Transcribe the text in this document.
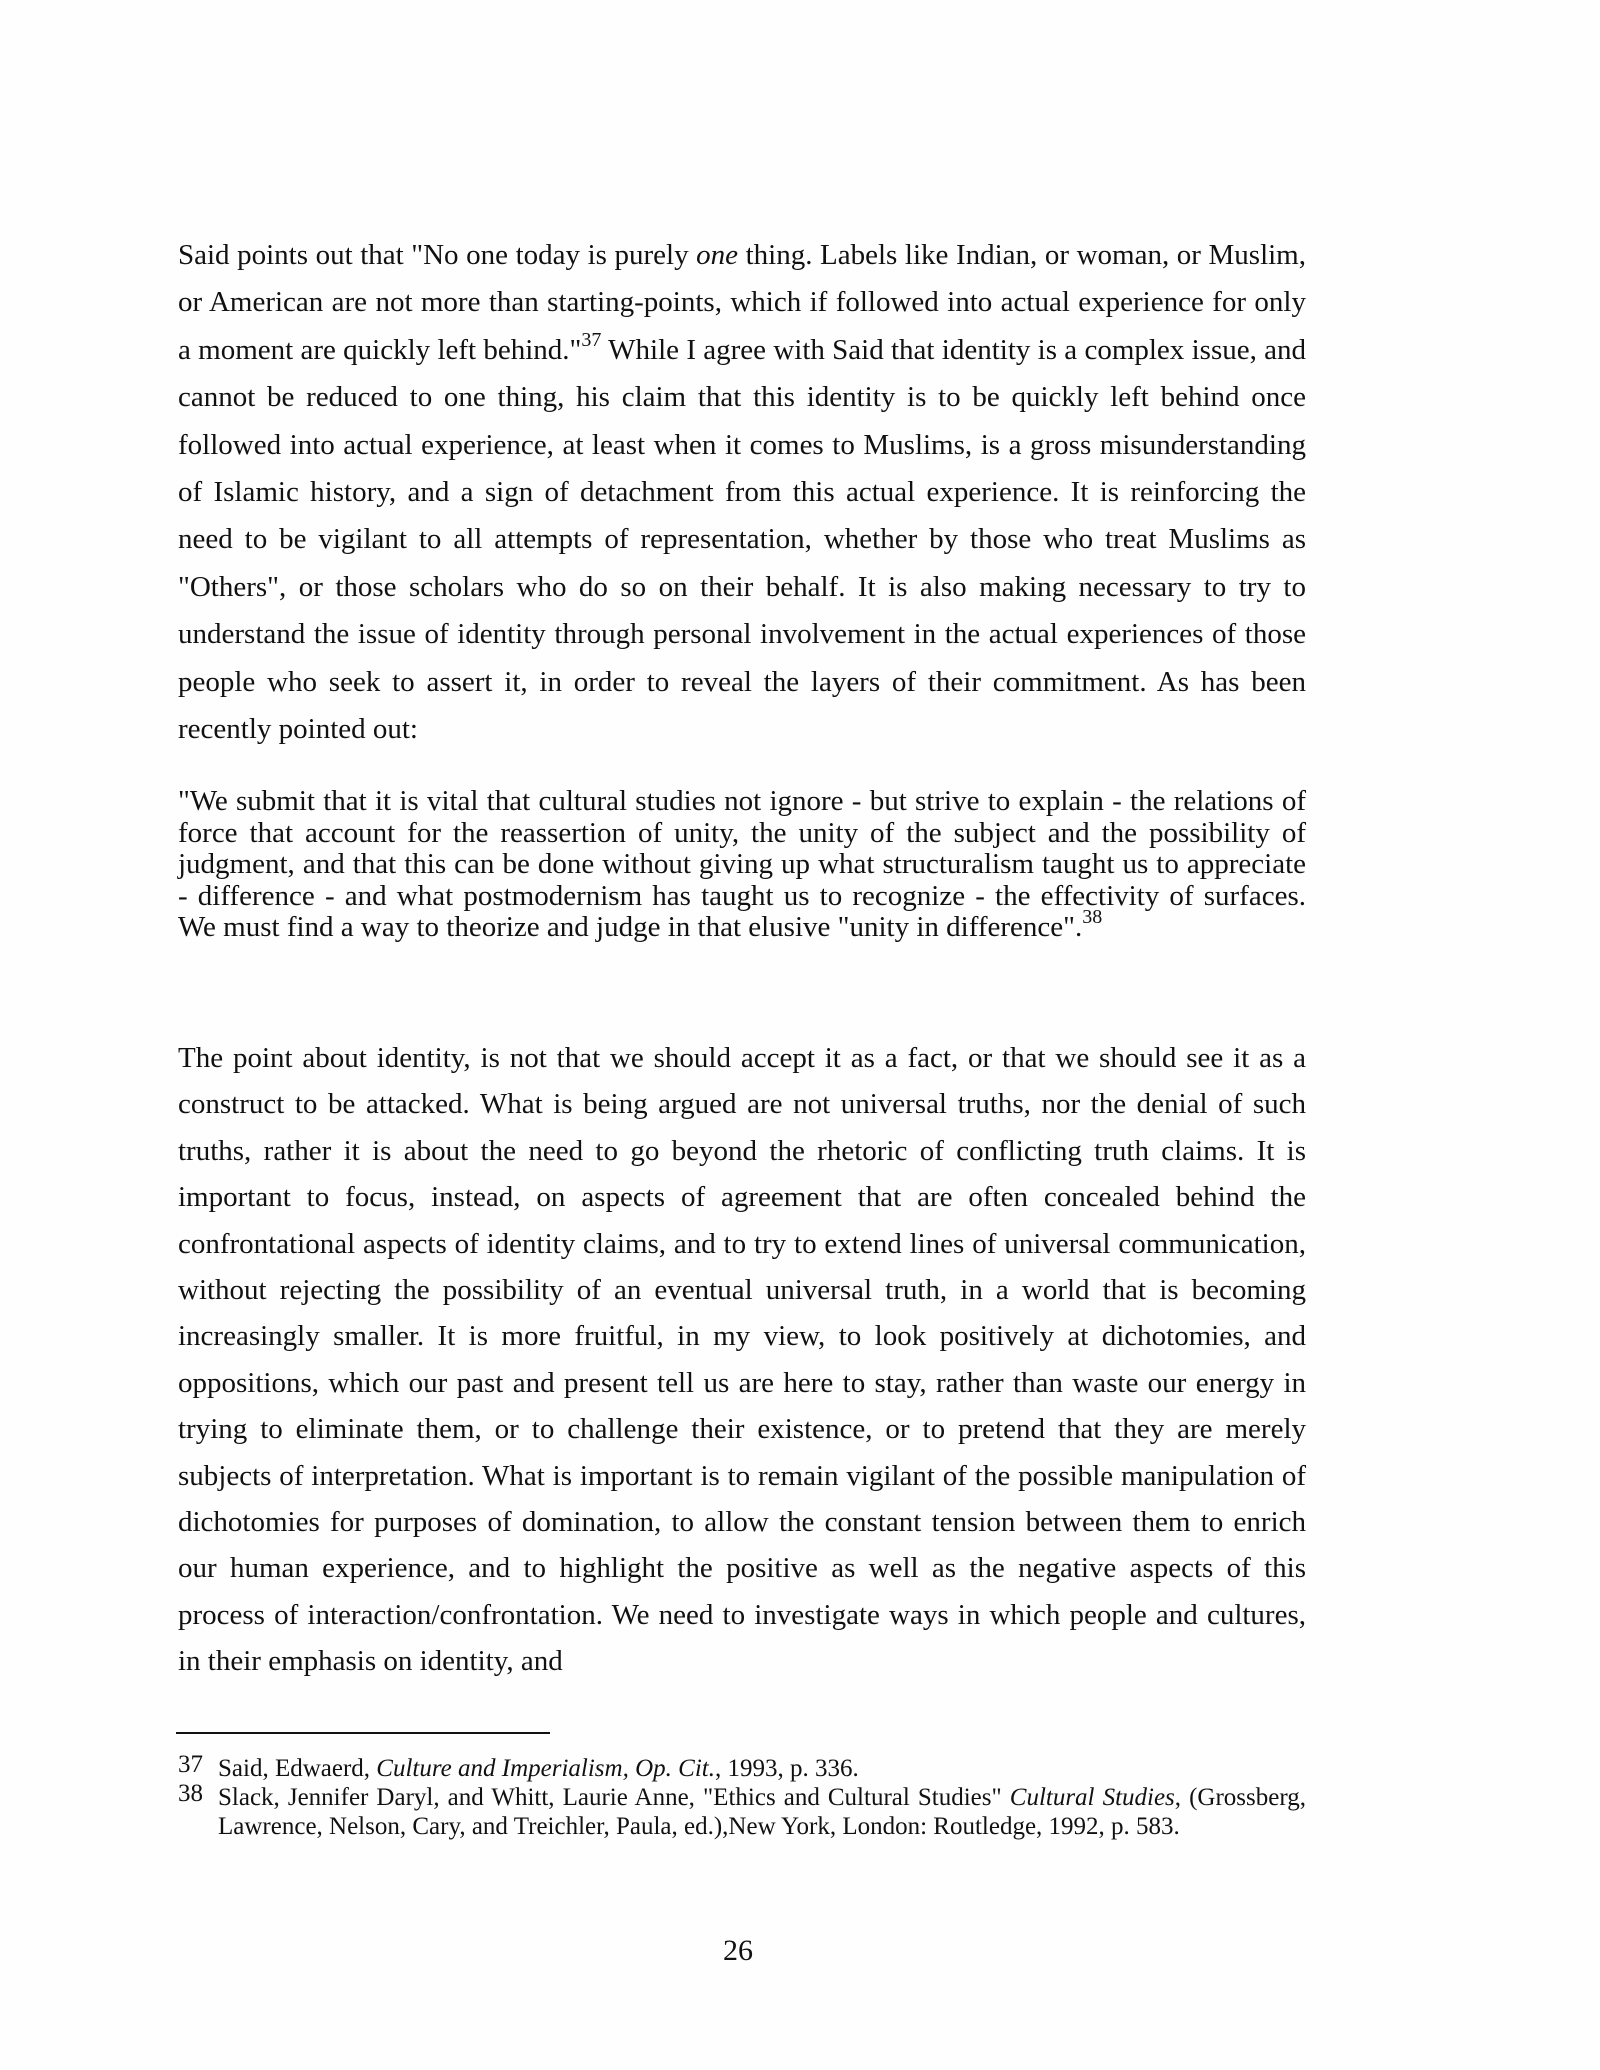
Said points out that "No one today is purely one thing. Labels like Indian, or woman, or Muslim, or American are not more than starting-points, which if followed into actual experience for only a moment are quickly left behind."$^{37}$ While I agree with Said that identity is a complex issue, and cannot be reduced to one thing, his claim that this identity is to be quickly left behind once followed into actual experience, at least when it comes to Muslims, is a gross misunderstanding of Islamic history, and a sign of detachment from this actual experience. It is reinforcing the need to be vigilant to all attempts of representation, whether by those who treat Muslims as "Others", or those scholars who do so on their behalf. It is also making necessary to try to understand the issue of identity through personal involvement in the actual experiences of those people who seek to assert it, in order to reveal the layers of their commitment. As has been recently pointed out:

"We submit that it is vital that cultural studies not ignore - but strive to explain - the relations of force that account for the reassertion of unity, the unity of the subject and the possibility of judgment, and that this can be done without giving up what structuralism taught us to appreciate - difference - and what postmodernism has taught us to recognize - the effectivity of surfaces. We must find a way to theorize and judge in that elusive "unity in difference".$^{38}$

The point about identity, is not that we should accept it as a fact, or that we should see it as a construct to be attacked. What is being argued are not universal truths, nor the denial of such truths, rather it is about the need to go beyond the rhetoric of conflicting truth claims. It is important to focus, instead, on aspects of agreement that are often concealed behind the confrontational aspects of identity claims, and to try to extend lines of universal communication, without rejecting the possibility of an eventual universal truth, in a world that is becoming increasingly smaller. It is more fruitful, in my view, to look positively at dichotomies, and oppositions, which our past and present tell us are here to stay, rather than waste our energy in trying to eliminate them, or to challenge their existence, or to pretend that they are merely subjects of interpretation. What is important is to remain vigilant of the possible manipulation of dichotomies for purposes of domination, to allow the constant tension between them to enrich our human experience, and to highlight the positive as well as the negative aspects of this process of interaction/confrontation. We need to investigate ways in which people and cultures, in their emphasis on identity, and

37 Said, Edwaerd, Culture and Imperialism, Op. Cit., 1993, p. 336.
38 Slack, Jennifer Daryl, and Whitt, Laurie Anne, "Ethics and Cultural Studies" Cultural Studies, (Grossberg, Lawrence, Nelson, Cary, and Treichler, Paula, ed.),New York, London: Routledge, 1992, p. 583.
26
